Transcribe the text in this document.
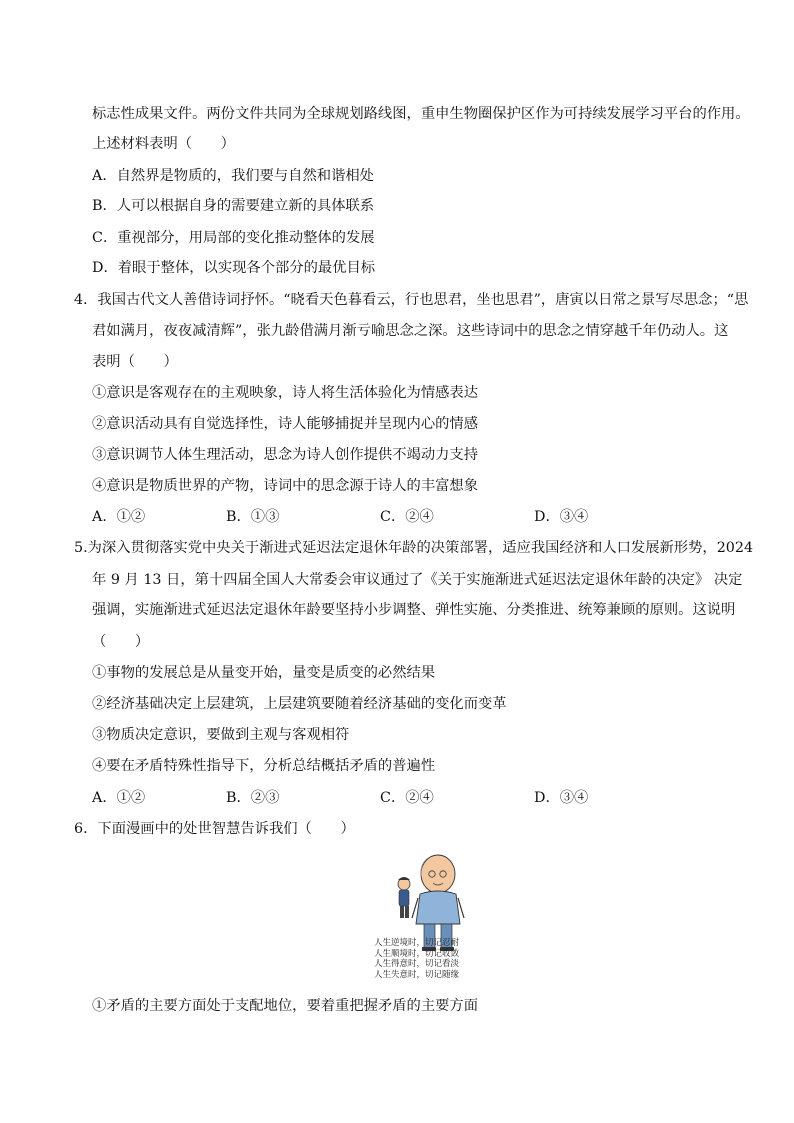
标志性成果文件。两份文件共同为全球规划路线图，重申生物圈保护区作为可持续发展学习平台的作用。
上述材料表明（　　）
A．自然界是物质的，我们要与自然和谐相处
B．人可以根据自身的需要建立新的具体联系
C．重视部分，用局部的变化推动整体的发展
D．着眼于整体，以实现各个部分的最优目标
4．我国古代文人善借诗词抒怀。“晓看天色暮看云，行也思君，坐也思君”，唐寅以日常之景写尽思念；“思
君如满月，夜夜减清辉”，张九龄借满月渐亏喻思念之深。这些诗词中的思念之情穿越千年仍动人。这
表明（　　）
①意识是客观存在的主观映象，诗人将生活体验化为情感表达
②意识活动具有自觉选择性，诗人能够捕捉并呈现内心的情感
③意识调节人体生理活动，思念为诗人创作提供不竭动力支持
④意识是物质世界的产物，诗词中的思念源于诗人的丰富想象
A．①②	B．①③	C．②④	D．③④
5.为深入贯彻落实党中央关于渐进式延迟法定退休年龄的决策部署，适应我国经济和人口发展新形势，2024
年 9 月 13 日，第十四届全国人大常委会审议通过了《关于实施渐进式延迟法定退休年龄的决定》 决定
强调，实施渐进式延迟法定退休年龄要坚持小步调整、弹性实施、分类推进、统筹兼顾的原则。这说明
（　　）
①事物的发展总是从量变开始，量变是质变的必然结果
②经济基础决定上层建筑，上层建筑要随着经济基础的变化而变革
③物质决定意识，要做到主观与客观相符
④要在矛盾特殊性指导下，分析总结概括矛盾的普遍性
A．①②	B．②③	C．②④	D．③④
6．下面漫画中的处世智慧告诉我们（　　）
人生逆境时，切记忍耐
人生顺境时，切记收敛
人生得意时，切记看淡
人生失意时，切记随缘
①矛盾的主要方面处于支配地位，要着重把握矛盾的主要方面
